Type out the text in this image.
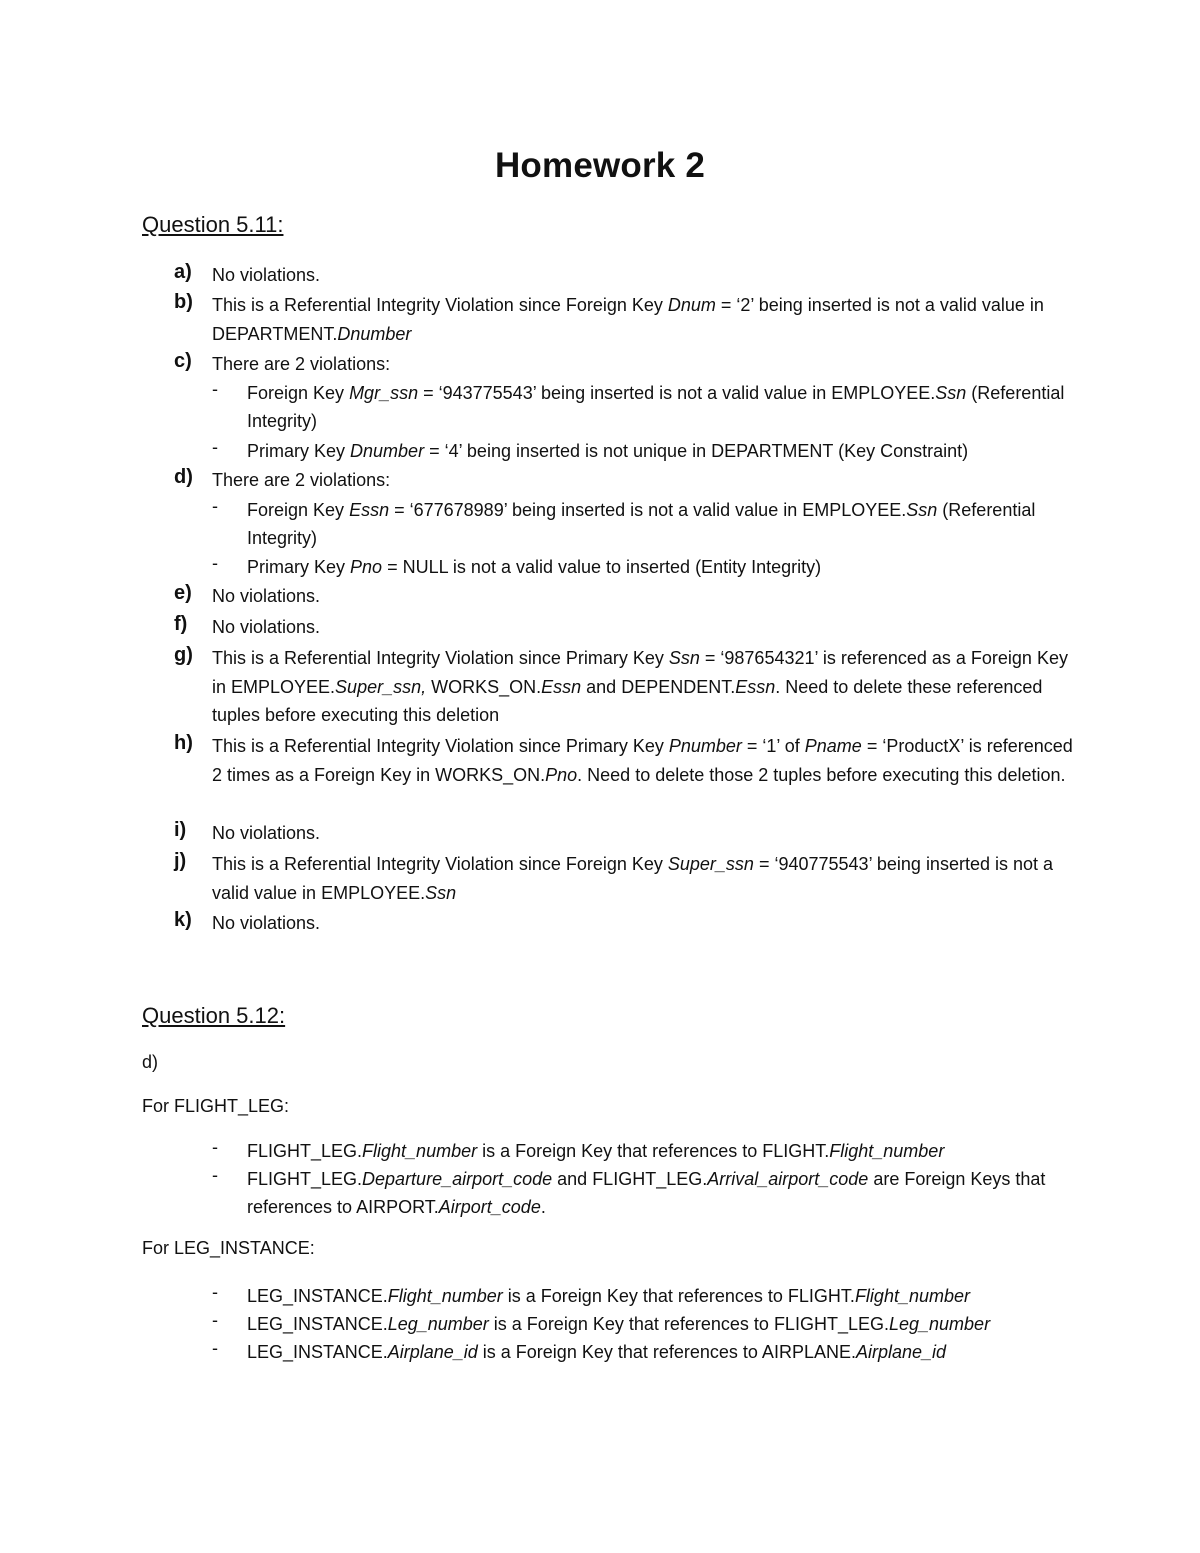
Homework 2
Question 5.11:
a) No violations.
b) This is a Referential Integrity Violation since Foreign Key Dnum = ‘2’ being inserted is not a valid value in DEPARTMENT.Dnumber
c) There are 2 violations:
- Foreign Key Mgr_ssn = ‘943775543’ being inserted is not a valid value in EMPLOYEE.Ssn (Referential Integrity)
- Primary Key Dnumber = ‘4’ being inserted is not unique in DEPARTMENT (Key Constraint)
d) There are 2 violations:
- Foreign Key Essn = ‘677678989’ being inserted is not a valid value in EMPLOYEE.Ssn (Referential Integrity)
- Primary Key Pno = NULL is not a valid value to inserted (Entity Integrity)
e) No violations.
f) No violations.
g) This is a Referential Integrity Violation since Primary Key Ssn = ‘987654321’ is referenced as a Foreign Key in EMPLOYEE.Super_ssn, WORKS_ON.Essn and DEPENDENT.Essn. Need to delete these referenced tuples before executing this deletion
h) This is a Referential Integrity Violation since Primary Key Pnumber = ‘1’ of Pname = ‘ProductX’ is referenced 2 times as a Foreign Key in WORKS_ON.Pno. Need to delete those 2 tuples before executing this deletion.
i) No violations.
j) This is a Referential Integrity Violation since Foreign Key Super_ssn = ‘940775543’ being inserted is not a valid value in EMPLOYEE.Ssn
k) No violations.
Question 5.12:
d)
For FLIGHT_LEG:
- FLIGHT_LEG.Flight_number is a Foreign Key that references to FLIGHT.Flight_number
- FLIGHT_LEG.Departure_airport_code and FLIGHT_LEG.Arrival_airport_code are Foreign Keys that references to AIRPORT.Airport_code.
For LEG_INSTANCE:
- LEG_INSTANCE.Flight_number is a Foreign Key that references to FLIGHT.Flight_number
- LEG_INSTANCE.Leg_number is a Foreign Key that references to FLIGHT_LEG.Leg_number
- LEG_INSTANCE.Airplane_id is a Foreign Key that references to AIRPLANE.Airplane_id
